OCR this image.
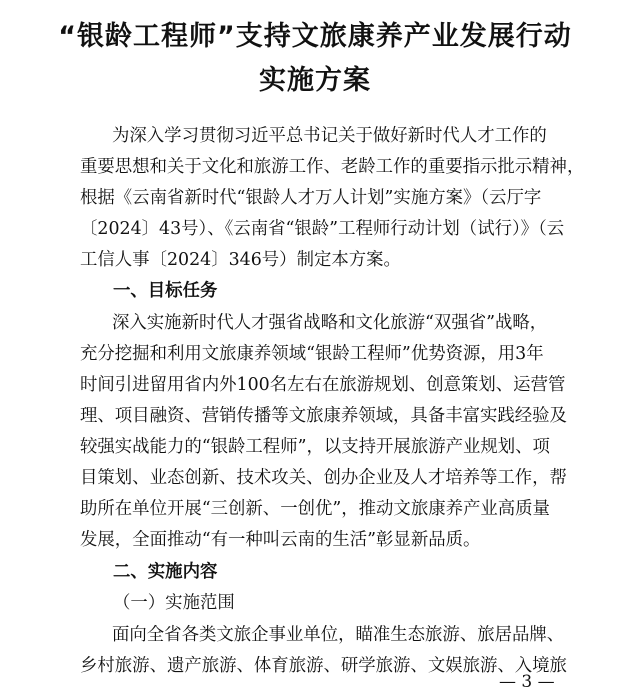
“银龄工程师”支持文旅康养产业发展行动
实施方案
为深入学习贯彻习近平总书记关于做好新时代人才工作的
重要思想和关于文化和旅游工作、老龄工作的重要指示批示精神，
根据《云南省新时代“银龄人才万人计划”实施方案》（云厅字
〔2024〕43号）、《云南省“银龄”工程师行动计划（试行）》（云
工信人事〔2024〕346号）制定本方案。
一、目标任务
深入实施新时代人才强省战略和文化旅游“双强省”战略，
充分挖掘和利用文旅康养领域“银龄工程师”优势资源，用3年
时间引进留用省内外100名左右在旅游规划、创意策划、运营管
理、项目融资、营销传播等文旅康养领域，具备丰富实践经验及
较强实战能力的“银龄工程师”，以支持开展旅游产业规划、项
目策划、业态创新、技术攻关、创办企业及人才培养等工作，帮
助所在单位开展“三创新、一创优”，推动文旅康养产业高质量
发展，全面推动“有一种叫云南的生活”彰显新品质。
二、实施内容
（一）实施范围
面向全省各类文旅企事业单位，瞄准生态旅游、旅居品牌、
乡村旅游、遗产旅游、体育旅游、研学旅游、文娱旅游、入境旅
— 3 —
